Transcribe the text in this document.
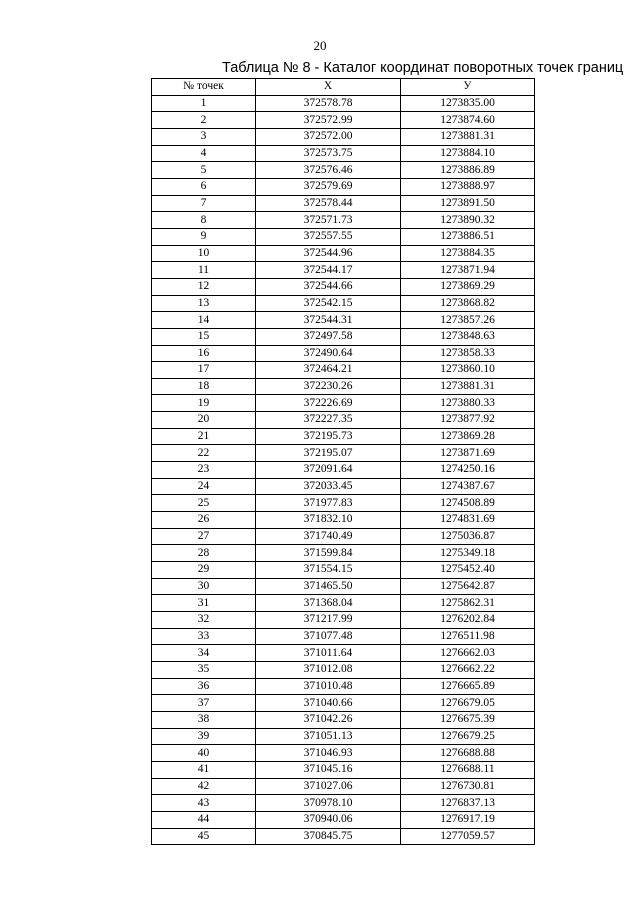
20
Таблица № 8 - Каталог координат поворотных точек границ
№ точек	X	У
1	372578.78	1273835.00
2	372572.99	1273874.60
3	372572.00	1273881.31
4	372573.75	1273884.10
5	372576.46	1273886.89
6	372579.69	1273888.97
7	372578.44	1273891.50
8	372571.73	1273890.32
9	372557.55	1273886.51
10	372544.96	1273884.35
11	372544.17	1273871.94
12	372544.66	1273869.29
13	372542.15	1273868.82
14	372544.31	1273857.26
15	372497.58	1273848.63
16	372490.64	1273858.33
17	372464.21	1273860.10
18	372230.26	1273881.31
19	372226.69	1273880.33
20	372227.35	1273877.92
21	372195.73	1273869.28
22	372195.07	1273871.69
23	372091.64	1274250.16
24	372033.45	1274387.67
25	371977.83	1274508.89
26	371832.10	1274831.69
27	371740.49	1275036.87
28	371599.84	1275349.18
29	371554.15	1275452.40
30	371465.50	1275642.87
31	371368.04	1275862.31
32	371217.99	1276202.84
33	371077.48	1276511.98
34	371011.64	1276662.03
35	371012.08	1276662.22
36	371010.48	1276665.89
37	371040.66	1276679.05
38	371042.26	1276675.39
39	371051.13	1276679.25
40	371046.93	1276688.88
41	371045.16	1276688.11
42	371027.06	1276730.81
43	370978.10	1276837.13
44	370940.06	1276917.19
45	370845.75	1277059.57
